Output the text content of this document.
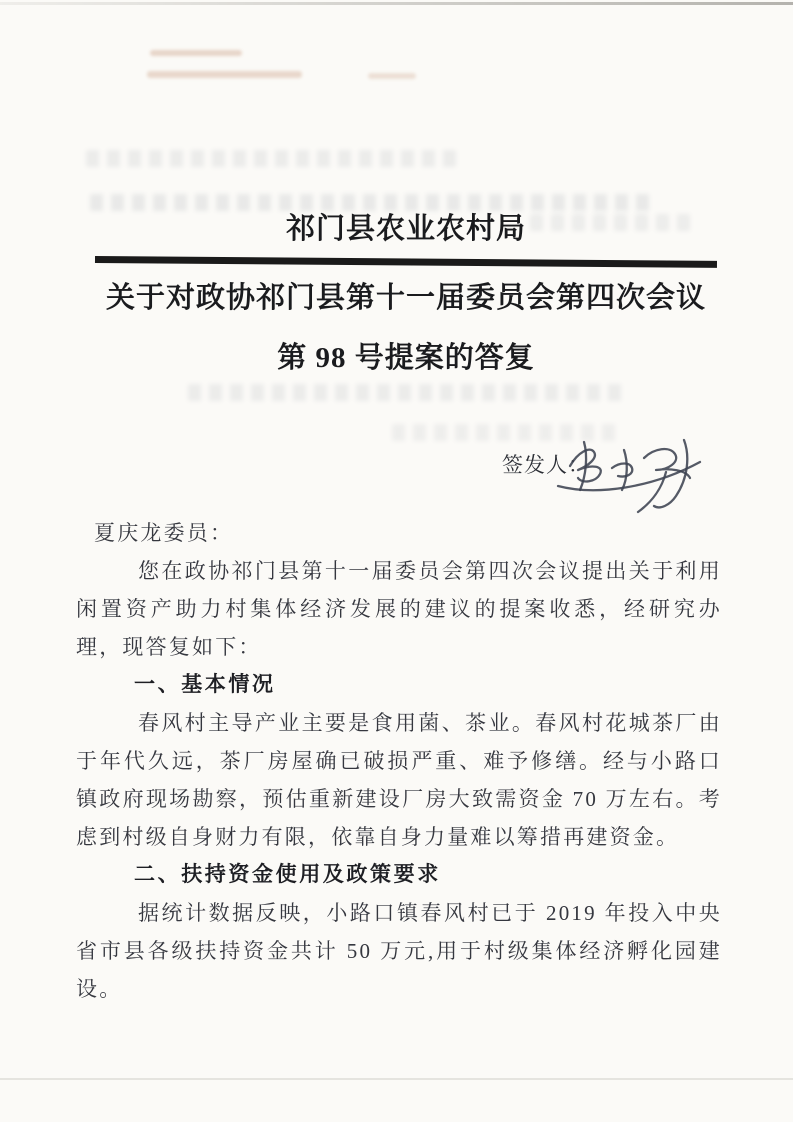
祁门县农业农村局
关于对政协祁门县第十一届委员会第四次会议
第 98 号提案的答复
签发人：

夏庆龙委员：

您在政协祁门县第十一届委员会第四次会议提出关于利用闲置资产助力村集体经济发展的建议的提案收悉，经研究办理，现答复如下：

一、基本情况

春风村主导产业主要是食用菌、茶业。春风村花城茶厂由于年代久远，茶厂房屋确已破损严重、难予修缮。经与小路口镇政府现场勘察，预估重新建设厂房大致需资金 70 万左右。考虑到村级自身财力有限，依靠自身力量难以筹措再建资金。

二、扶持资金使用及政策要求

据统计数据反映，小路口镇春风村已于 2019 年投入中央省市县各级扶持资金共计 50 万元,用于村级集体经济孵化园建设。
